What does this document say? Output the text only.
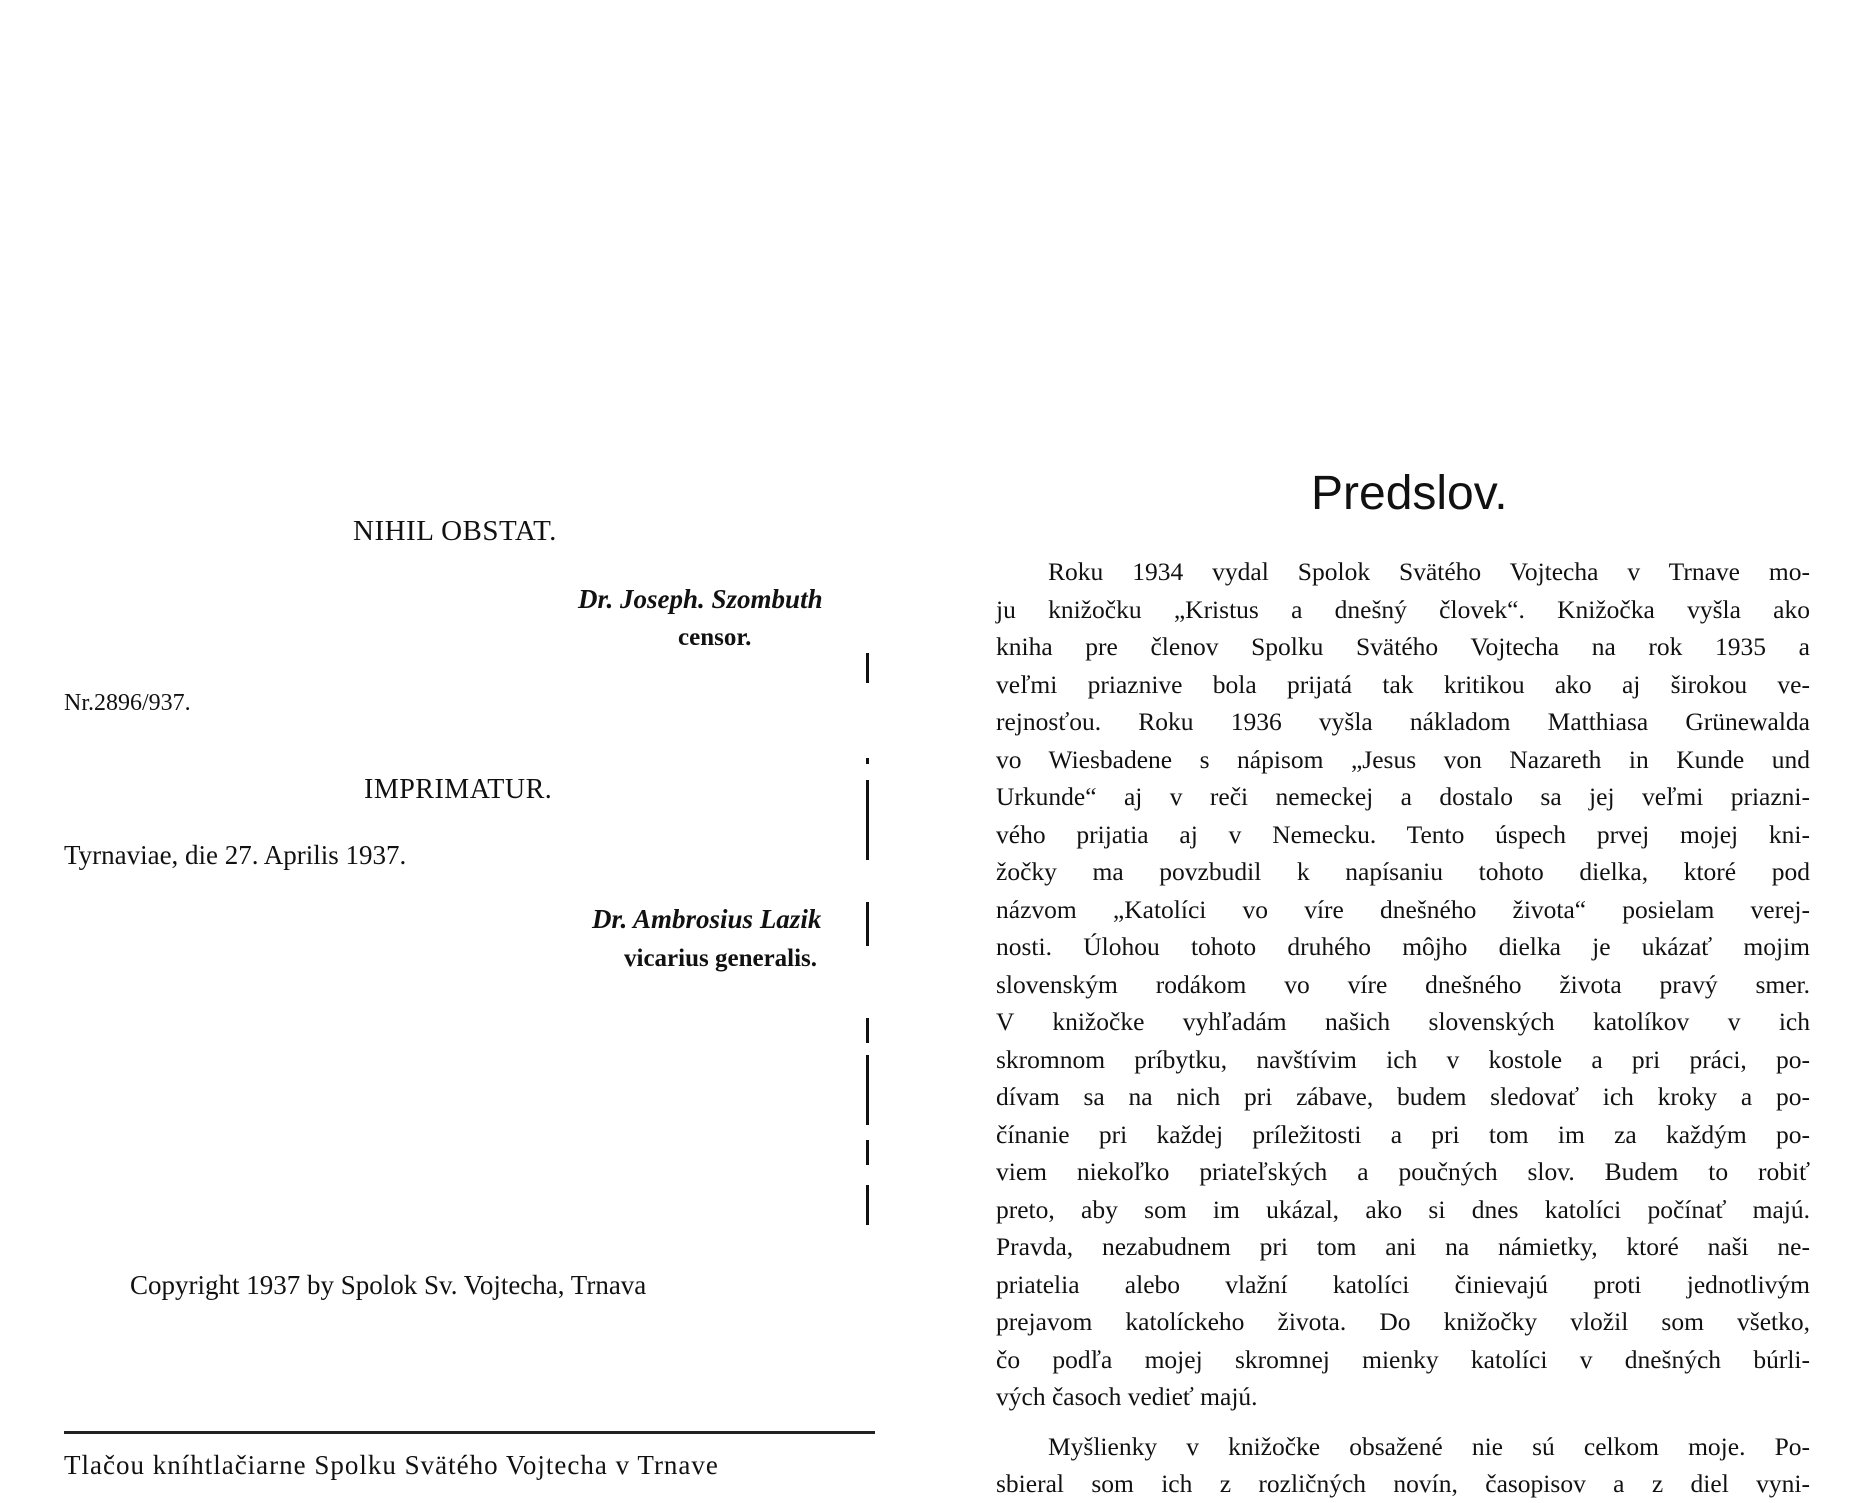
NIHIL OBSTAT.
Dr. Joseph. Szombuth
censor.
Nr.2896/937.
IMPRIMATUR.
Tyrnaviae, die 27. Aprilis 1937.
Dr. Ambrosius Lazik
vicarius generalis.
Copyright 1937 by Spolok Sv. Vojtecha, Trnava
Tlačou kníhtlačiarne Spolku Svätého Vojtecha v Trnave
Predslov.
Roku 1934 vydal Spolok Svätého Vojtecha v Trnave mo-
ju knižočku „Kristus a dnešný človek“. Knižočka vyšla ako
kniha pre členov Spolku Svätého Vojtecha na rok 1935 a
veľmi priaznive bola prijatá tak kritikou ako aj širokou ve-
rejnosťou. Roku 1936 vyšla nákladom Matthiasa Grünewalda
vo Wiesbadene s nápisom „Jesus von Nazareth in Kunde und
Urkunde“ aj v reči nemeckej a dostalo sa jej veľmi priazni-
vého prijatia aj v Nemecku. Tento úspech prvej mojej kni-
žočky ma povzbudil k napísaniu tohoto dielka, ktoré pod
názvom „Katolíci vo víre dnešného života“ posielam verej-
nosti. Úlohou tohoto druhého môjho dielka je ukázať mojim
slovenským rodákom vo víre dnešného života pravý smer.
V knižočke vyhľadám našich slovenských katolíkov v ich
skromnom príbytku, navštívim ich v kostole a pri práci, po-
dívam sa na nich pri zábave, budem sledovať ich kroky a po-
čínanie pri každej príležitosti a pri tom im za každým po-
viem niekoľko priateľských a poučných slov. Budem to robiť
preto, aby som im ukázal, ako si dnes katolíci počínať majú.
Pravda, nezabudnem pri tom ani na námietky, ktoré naši ne-
priatelia alebo vlažní katolíci činievajú proti jednotlivým
prejavom katolíckeho života. Do knižočky vložil som všetko,
čo podľa mojej skromnej mienky katolíci v dnešných búrli-
vých časoch vedieť majú.
Myšlienky v knižočke obsažené nie sú celkom moje. Po-
sbieral som ich z rozličných novín, časopisov a z diel vyni-
